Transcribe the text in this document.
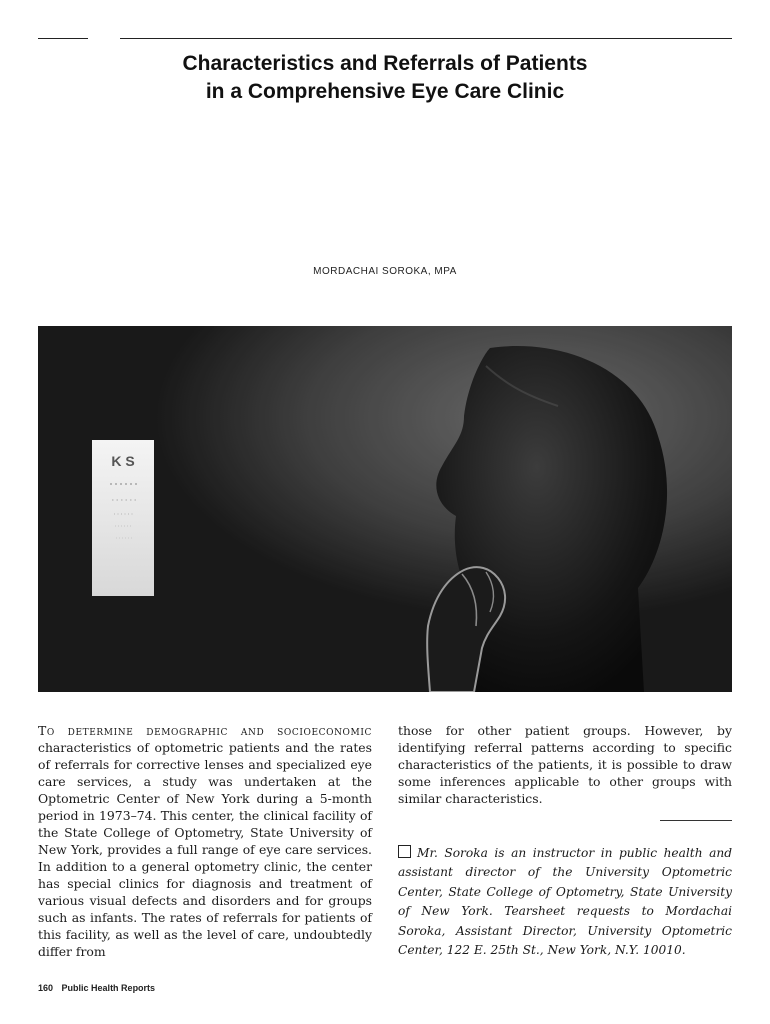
Characteristics and Referrals of Patients
in a Comprehensive Eye Care Clinic
MORDACHAI SOROKA, MPA
K S
To determine demographic and socioeconomic characteristics of optometric patients and the rates of referrals for corrective lenses and specialized eye care services, a study was undertaken at the Optometric Center of New York during a 5-month period in 1973–74. This center, the clinical facility of the State College of Optometry, State University of New York, provides a full range of eye care services. In addition to a general optometry clinic, the center has special clinics for diagnosis and treatment of various visual defects and disorders and for groups such as infants. The rates of referrals for patients of this facility, as well as the level of care, undoubtedly differ from
those for other patient groups. However, by identifying referral patterns according to specific characteristics of the patients, it is possible to draw some inferences applicable to other groups with similar characteristics.
Mr. Soroka is an instructor in public health and assistant director of the University Optometric Center, State College of Optometry, State University of New York. Tearsheet requests to Mordachai Soroka, Assistant Director, University Optometric Center, 122 E. 25th St., New York, N.Y. 10010.
160 Public Health Reports
